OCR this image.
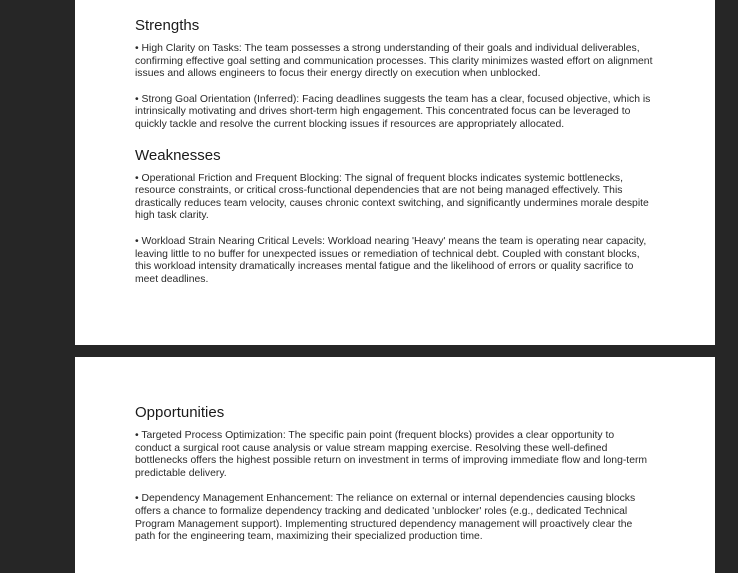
Strengths

• High Clarity on Tasks: The team possesses a strong understanding of their goals and individual deliverables, confirming effective goal setting and communication processes. This clarity minimizes wasted effort on alignment issues and allows engineers to focus their energy directly on execution when unblocked.

• Strong Goal Orientation (Inferred): Facing deadlines suggests the team has a clear, focused objective, which is intrinsically motivating and drives short-term high engagement. This concentrated focus can be leveraged to quickly tackle and resolve the current blocking issues if resources are appropriately allocated.

Weaknesses

• Operational Friction and Frequent Blocking: The signal of frequent blocks indicates systemic bottlenecks, resource constraints, or critical cross-functional dependencies that are not being managed effectively. This drastically reduces team velocity, causes chronic context switching, and significantly undermines morale despite high task clarity.

• Workload Strain Nearing Critical Levels: Workload nearing 'Heavy' means the team is operating near capacity, leaving little to no buffer for unexpected issues or remediation of technical debt. Coupled with constant blocks, this workload intensity dramatically increases mental fatigue and the likelihood of errors or quality sacrifice to meet deadlines.

Opportunities

• Targeted Process Optimization: The specific pain point (frequent blocks) provides a clear opportunity to conduct a surgical root cause analysis or value stream mapping exercise. Resolving these well-defined bottlenecks offers the highest possible return on investment in terms of improving immediate flow and long-term predictable delivery.

• Dependency Management Enhancement: The reliance on external or internal dependencies causing blocks offers a chance to formalize dependency tracking and dedicated 'unblocker' roles (e.g., dedicated Technical Program Management support). Implementing structured dependency management will proactively clear the path for the engineering team, maximizing their specialized production time.
